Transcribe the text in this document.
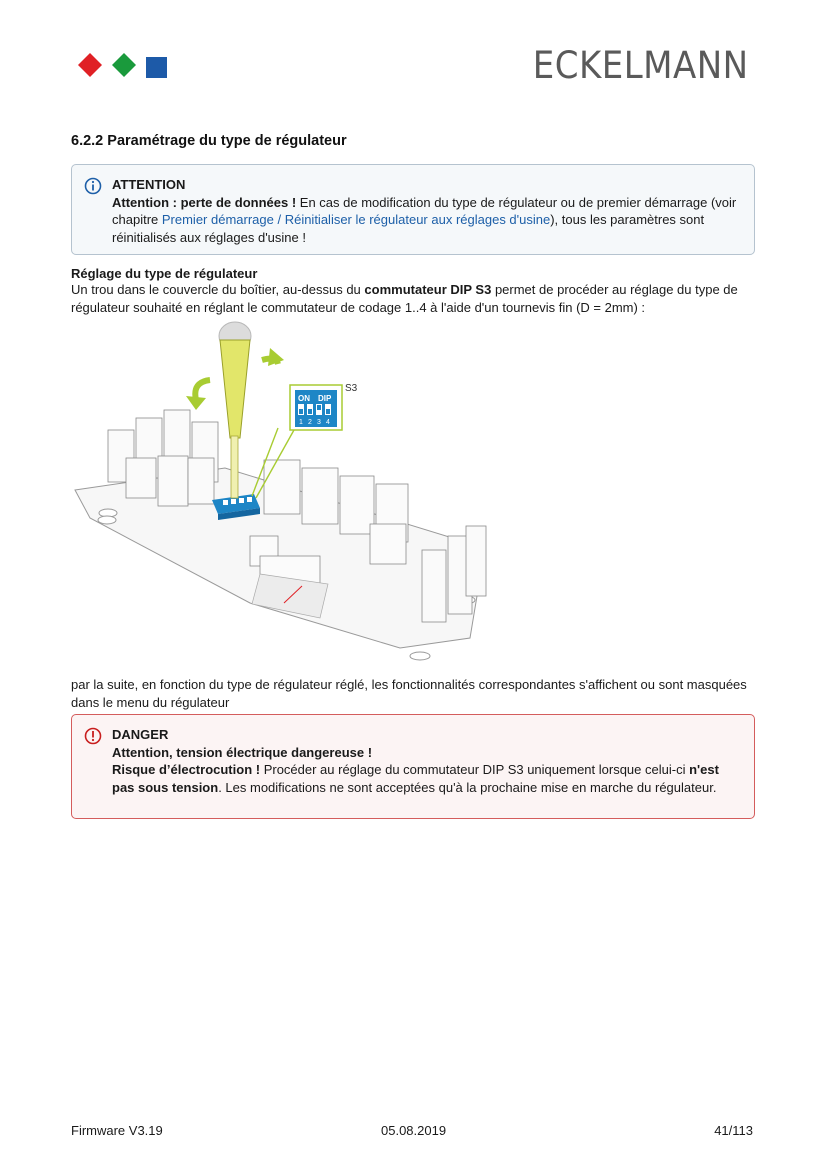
ECKELMANN
6.2.2 Paramétrage du type de régulateur
ATTENTION
Attention : perte de données ! En cas de modification du type de régulateur ou de premier démarrage (voir chapitre Premier démarrage / Réinitialiser le régulateur aux réglages d'usine), tous les paramètres sont réinitialisés aux réglages d'usine !
Réglage du type de régulateur
Un trou dans le couvercle du boîtier, au-dessus du commutateur DIP S3 permet de procéder au réglage du type de régulateur souhaité en réglant le commutateur de codage 1..4 à l'aide d'un tournevis fin (D = 2mm) :
ON DIP
1 2 3 4
S3
par la suite, en fonction du type de régulateur réglé, les fonctionnalités correspondantes s'affichent ou sont masquées dans le menu du régulateur
DANGER
Attention, tension électrique dangereuse !
Risque d’électrocution ! Procéder au réglage du commutateur DIP S3 uniquement lorsque celui-ci n'est pas sous tension. Les modifications ne sont acceptées qu'à la prochaine mise en marche du régulateur.
Firmware V3.19	05.08.2019	41/113
